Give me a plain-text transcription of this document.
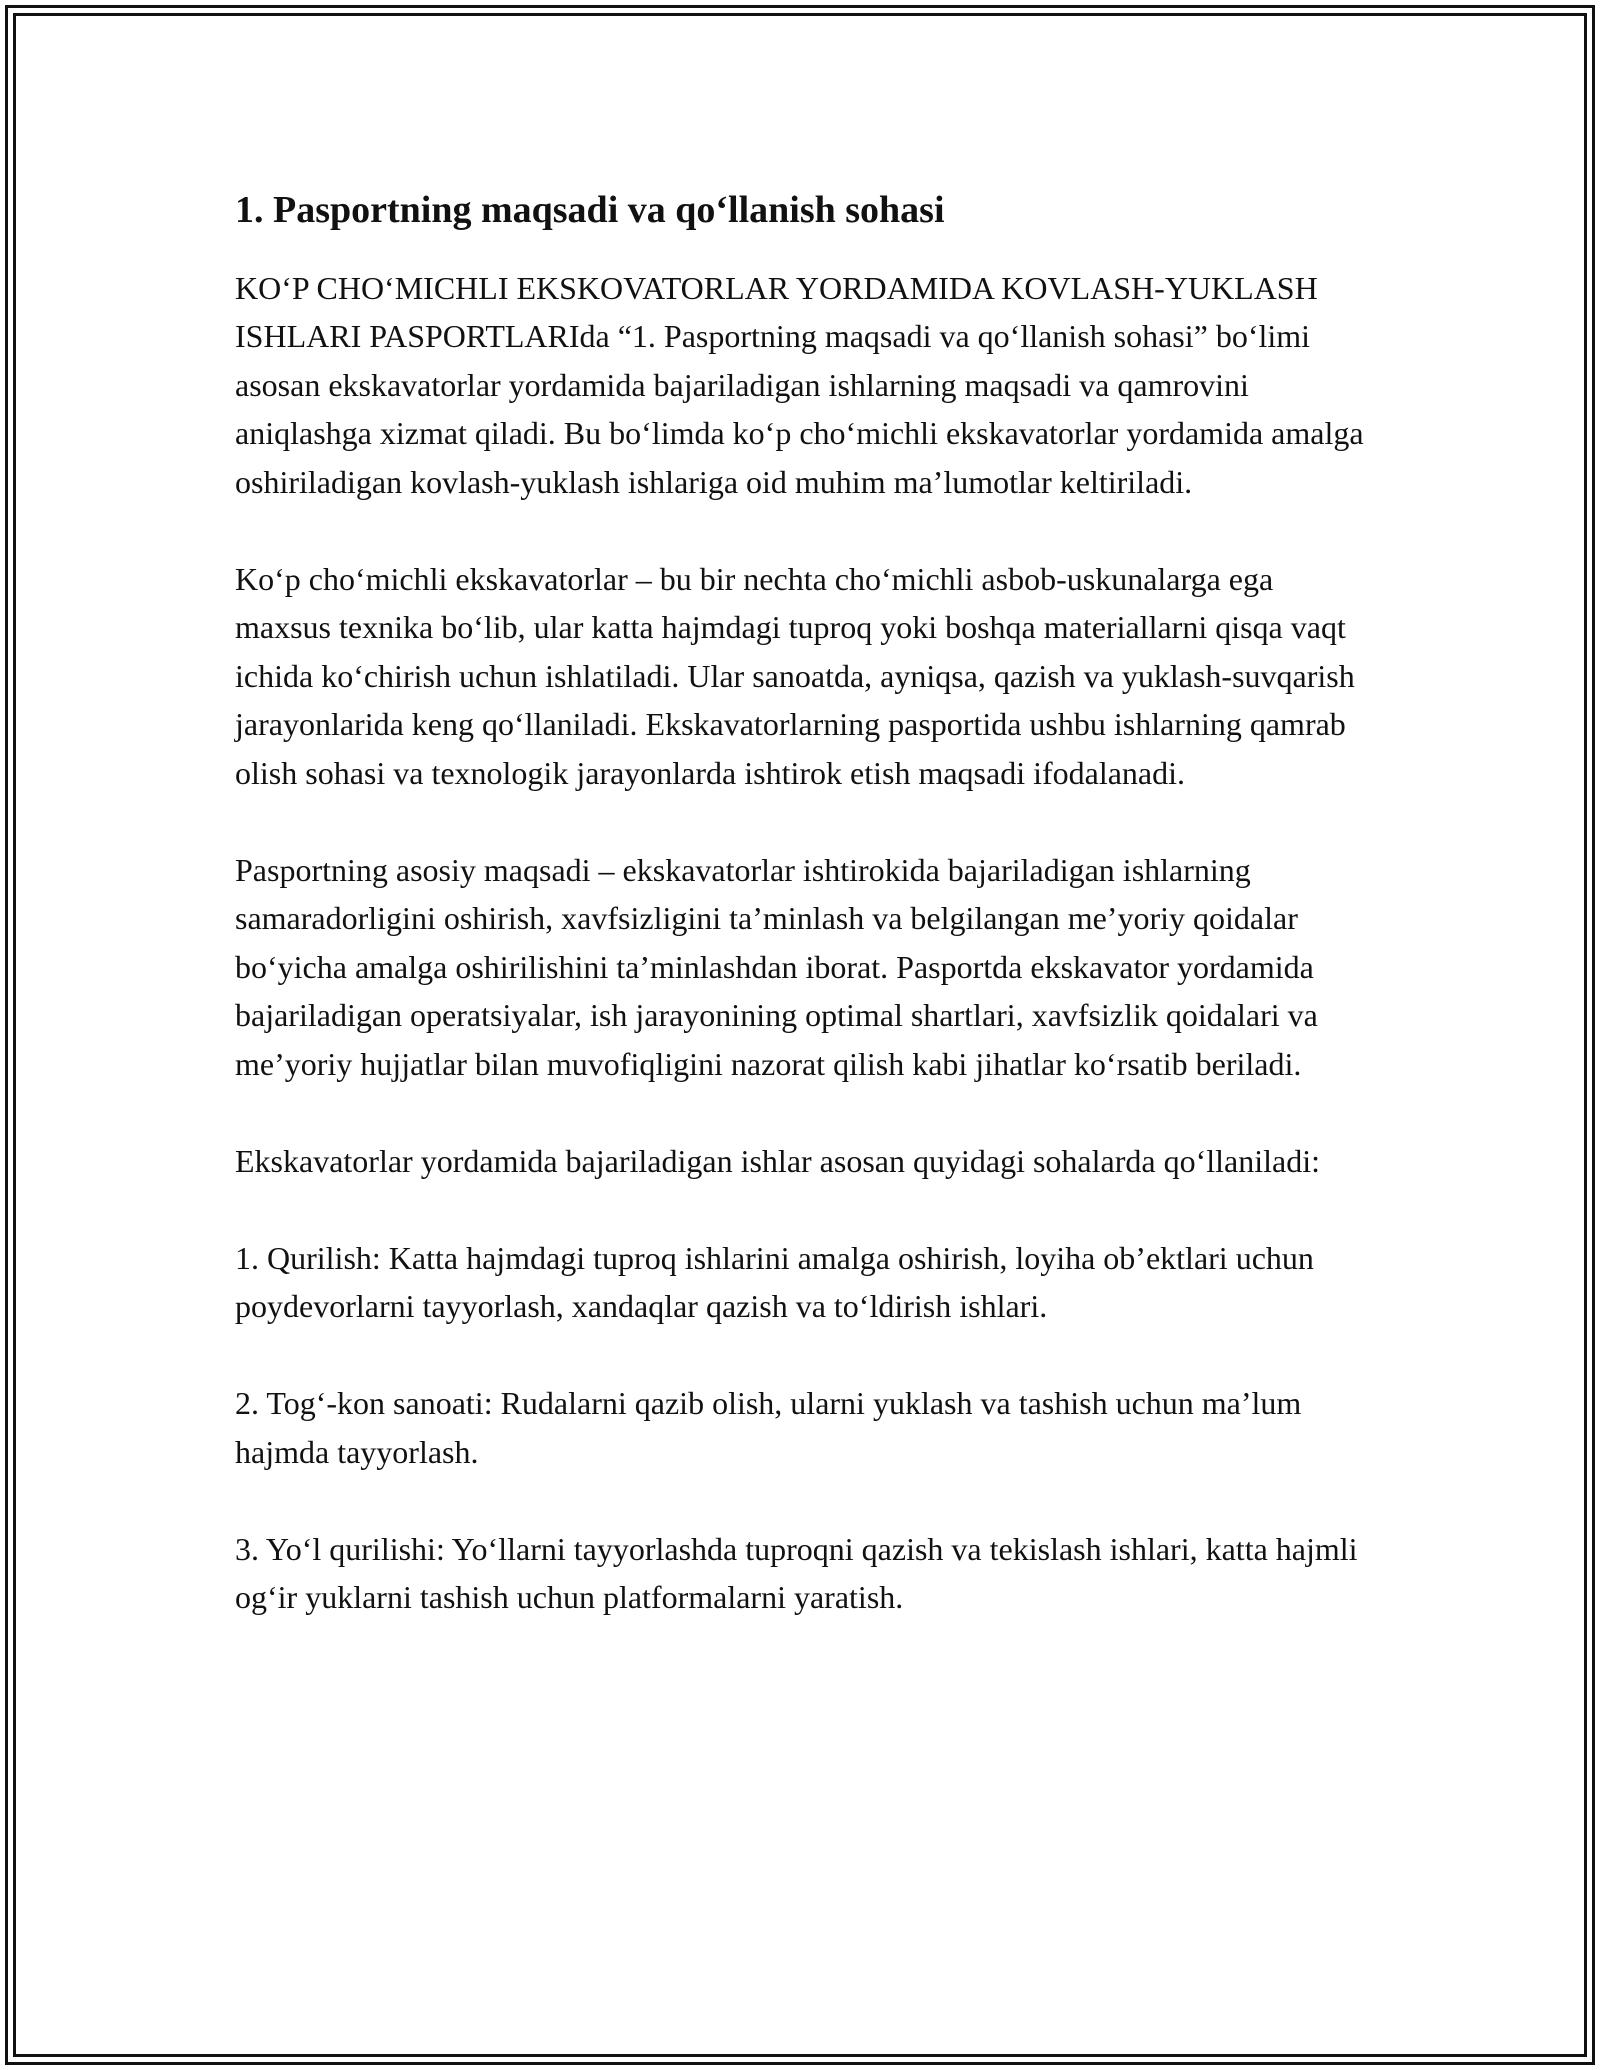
1. Pasportning maqsadi va qo‘llanish sohasi

KO‘P CHO‘MICHLI EKSKOVATORLAR YORDAMIDA KOVLASH-YUKLASH ISHLARI PASPORTLARIda “1. Pasportning maqsadi va qo‘llanish sohasi” bo‘limi asosan ekskavatorlar yordamida bajariladigan ishlarning maqsadi va qamrovini aniqlashga xizmat qiladi. Bu bo‘limda ko‘p cho‘michli ekskavatorlar yordamida amalga oshiriladigan kovlash-yuklash ishlariga oid muhim ma’lumotlar keltiriladi.

Ko‘p cho‘michli ekskavatorlar – bu bir nechta cho‘michli asbob-uskunalarga ega maxsus texnika bo‘lib, ular katta hajmdagi tuproq yoki boshqa materiallarni qisqa vaqt ichida ko‘chirish uchun ishlatiladi. Ular sanoatda, ayniqsa, qazish va yuklash-suvqarish jarayonlarida keng qo‘llaniladi. Ekskavatorlarning pasportida ushbu ishlarning qamrab olish sohasi va texnologik jarayonlarda ishtirok etish maqsadi ifodalanadi.

Pasportning asosiy maqsadi – ekskavatorlar ishtirokida bajariladigan ishlarning samaradorligini oshirish, xavfsizligini ta’minlash va belgilangan me’yoriy qoidalar bo‘yicha amalga oshirilishini ta’minlashdan iborat. Pasportda ekskavator yordamida bajariladigan operatsiyalar, ish jarayonining optimal shartlari, xavfsizlik qoidalari va me’yoriy hujjatlar bilan muvofiqligini nazorat qilish kabi jihatlar ko‘rsatib beriladi.

Ekskavatorlar yordamida bajariladigan ishlar asosan quyidagi sohalarda qo‘llaniladi:

1. Qurilish: Katta hajmdagi tuproq ishlarini amalga oshirish, loyiha ob’ektlari uchun poydevorlarni tayyorlash, xandaqlar qazish va to‘ldirish ishlari.

2. Tog‘-kon sanoati: Rudalarni qazib olish, ularni yuklash va tashish uchun ma’lum hajmda tayyorlash.

3. Yo‘l qurilishi: Yo‘llarni tayyorlashda tuproqni qazish va tekislash ishlari, katta hajmli og‘ir yuklarni tashish uchun platformalarni yaratish.
